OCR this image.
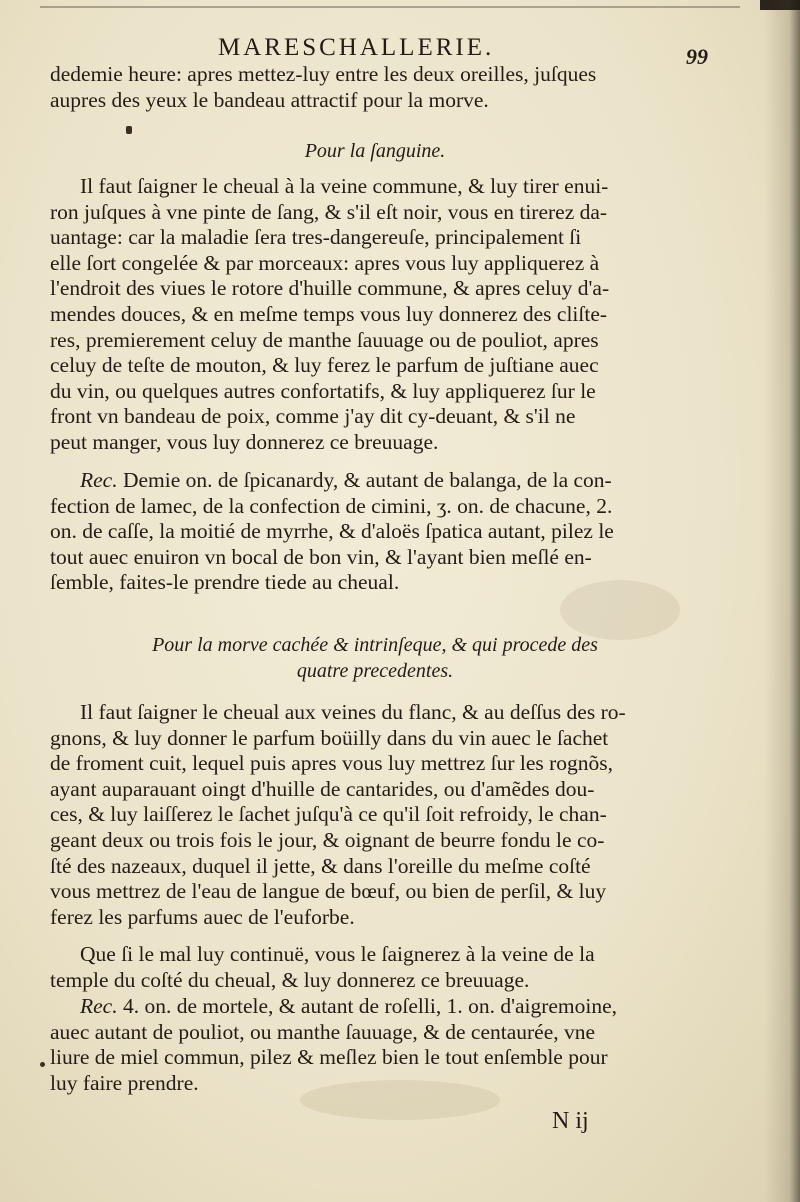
MARESCHALLERIE.	99

dedemie heure: apres mettez-luy entre les deux oreilles, juſques

aupres des yeux le bandeau attractif pour la morve.

Pour la ſanguine.

Il faut ſaigner le cheual à la veine commune, & luy tirer enui-

ron juſques à vne pinte de ſang, & s'il eſt noir, vous en tirerez da-

uantage: car la maladie ſera tres-dangereuſe, principalement ſi

elle ſort congelée & par morceaux: apres vous luy appliquerez à

l'endroit des viues le rotore d'huille commune, & apres celuy d'a-

mendes douces, & en meſme temps vous luy donnerez des cliſte-

res, premierement celuy de manthe ſauuage ou de pouliot, apres

celuy de teſte de mouton, & luy ferez le parfum de juſtiane auec

du vin, ou quelques autres confortatifs, & luy appliquerez ſur le

front vn bandeau de poix, comme j'ay dit cy-deuant, & s'il ne

peut manger, vous luy donnerez ce breuuage.

Rec. Demie on. de ſpicanardy, & autant de balanga, de la con-

fection de lamec, de la confection de cimini, ʒ. on. de chacune, 2.

on. de caſſe, la moitié de myrrhe, & d'aloës ſpatica autant, pilez le

tout auec enuiron vn bocal de bon vin, & l'ayant bien meſlé en-

ſemble, faites-le prendre tiede au cheual.

Pour la morve cachée & intrinſeque, & qui procede des
quatre precedentes.

Il faut ſaigner le cheual aux veines du flanc, & au deſſus des ro-

gnons, & luy donner le parfum boüilly dans du vin auec le ſachet

de froment cuit, lequel puis apres vous luy mettrez ſur les rognõs,

ayant auparauant oingt d'huille de cantarides, ou d'amẽdes dou-

ces, & luy laiſſerez le ſachet juſqu'à ce qu'il ſoit refroidy, le chan-

geant deux ou trois fois le jour, & oignant de beurre fondu le co-

ſté des nazeaux, duquel il jette, & dans l'oreille du meſme coſté

vous mettrez de l'eau de langue de bœuf, ou bien de perſil, & luy

ferez les parfums auec de l'euforbe.

Que ſi le mal luy continuë, vous le ſaignerez à la veine de la

temple du coſté du cheual, & luy donnerez ce breuuage.

Rec. 4. on. de mortele, & autant de roſelli, 1. on. d'aigremoine,

auec autant de pouliot, ou manthe ſauuage, & de centaurée, vne

liure de miel commun, pilez & meſlez bien le tout enſemble pour

luy faire prendre.

N ij
